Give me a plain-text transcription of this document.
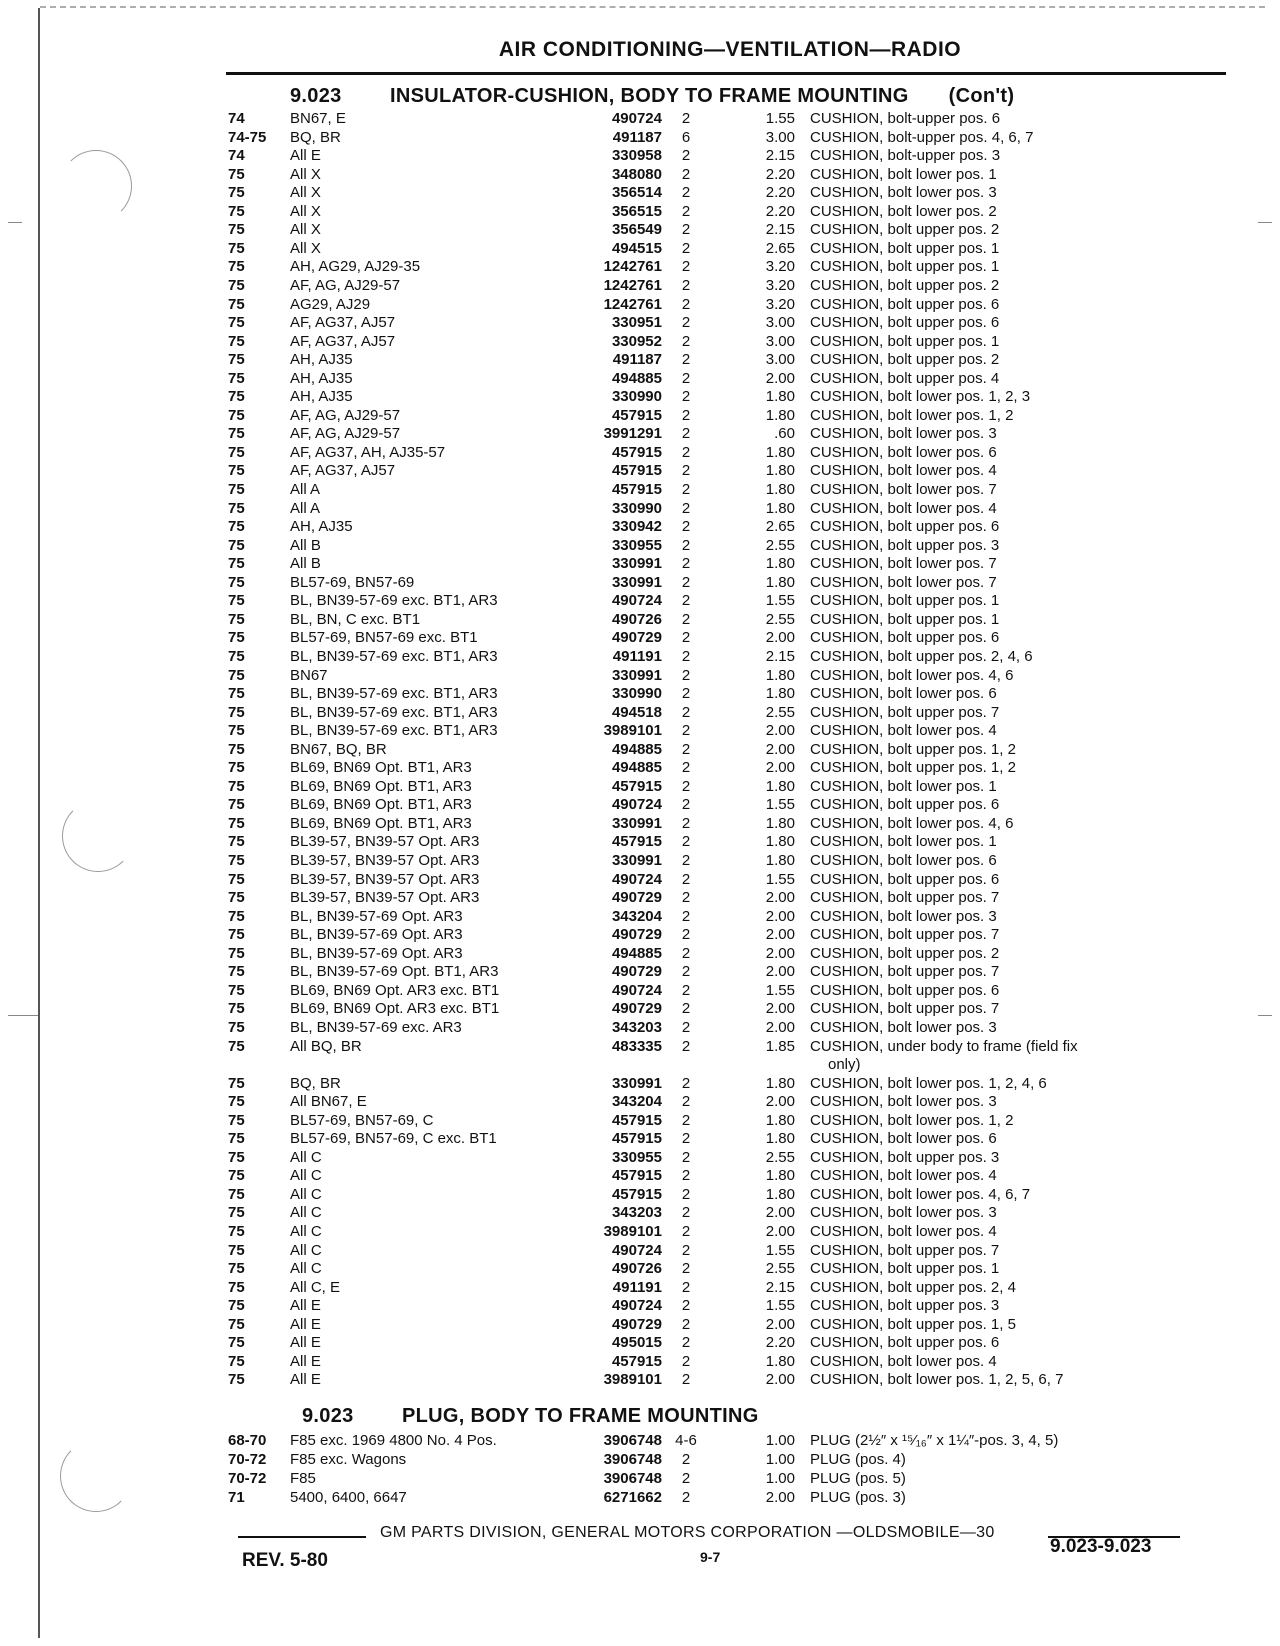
AIR CONDITIONING—VENTILATION—RADIO
9.023 INSULATOR-CUSHION, BODY TO FRAME MOUNTING (Con't)
74	BN67, E	490724	2	1.55 CUSHION, bolt-upper pos. 6
74-75 BQ, BR	491187	6	3.00 CUSHION, bolt-upper pos. 4, 6, 7
74	All E	330958	2	2.15 CUSHION, bolt-upper pos. 3
75	All X	348080	2	2.20 CUSHION, bolt lower pos. 1
75	All X	356514	2	2.20 CUSHION, bolt lower pos. 3
75	All X	356515	2	2.20 CUSHION, bolt lower pos. 2
75	All X	356549	2	2.15 CUSHION, bolt upper pos. 2
75	All X	494515	2	2.65 CUSHION, bolt upper pos. 1
75	AH, AG29, AJ29-35	1242761	2	3.20 CUSHION, bolt upper pos. 1
75	AF, AG, AJ29-57	1242761	2	3.20 CUSHION, bolt upper pos. 2
75	AG29, AJ29	1242761	2	3.20 CUSHION, bolt upper pos. 6
75	AF, AG37, AJ57	330951	2	3.00 CUSHION, bolt upper pos. 6
75	AF, AG37, AJ57	330952	2	3.00 CUSHION, bolt upper pos. 1
75	AH, AJ35	491187	2	3.00 CUSHION, bolt upper pos. 2
75	AH, AJ35	494885	2	2.00 CUSHION, bolt upper pos. 4
75	AH, AJ35	330990	2	1.80 CUSHION, bolt lower pos. 1, 2, 3
75	AF, AG, AJ29-57	457915	2	1.80 CUSHION, bolt lower pos. 1, 2
75	AF, AG, AJ29-57	3991291	2	.60 CUSHION, bolt lower pos. 3
75	AF, AG37, AH, AJ35-57	457915	2	1.80 CUSHION, bolt lower pos. 6
75	AF, AG37, AJ57	457915	2	1.80 CUSHION, bolt lower pos. 4
75	All A	457915	2	1.80 CUSHION, bolt lower pos. 7
75	All A	330990	2	1.80 CUSHION, bolt lower pos. 4
75	AH, AJ35	330942	2	2.65 CUSHION, bolt upper pos. 6
75	All B	330955	2	2.55 CUSHION, bolt upper pos. 3
75	All B	330991	2	1.80 CUSHION, bolt lower pos. 7
75	BL57-69, BN57-69	330991	2	1.80 CUSHION, bolt lower pos. 7
75	BL, BN39-57-69 exc. BT1, AR3	490724	2	1.55 CUSHION, bolt upper pos. 1
75	BL, BN, C exc. BT1	490726	2	2.55 CUSHION, bolt upper pos. 1
75	BL57-69, BN57-69 exc. BT1	490729	2	2.00 CUSHION, bolt upper pos. 6
75	BL, BN39-57-69 exc. BT1, AR3	491191	2	2.15 CUSHION, bolt upper pos. 2, 4, 6
75	BN67	330991	2	1.80 CUSHION, bolt lower pos. 4, 6
75	BL, BN39-57-69 exc. BT1, AR3	330990	2	1.80 CUSHION, bolt lower pos. 6
75	BL, BN39-57-69 exc. BT1, AR3	494518	2	2.55 CUSHION, bolt upper pos. 7
75	BL, BN39-57-69 exc. BT1, AR3	3989101	2	2.00 CUSHION, bolt lower pos. 4
75	BN67, BQ, BR	494885	2	2.00 CUSHION, bolt upper pos. 1, 2
75	BL69, BN69 Opt. BT1, AR3	494885	2	2.00 CUSHION, bolt upper pos. 1, 2
75	BL69, BN69 Opt. BT1, AR3	457915	2	1.80 CUSHION, bolt lower pos. 1
75	BL69, BN69 Opt. BT1, AR3	490724	2	1.55 CUSHION, bolt upper pos. 6
75	BL69, BN69 Opt. BT1, AR3	330991	2	1.80 CUSHION, bolt lower pos. 4, 6
75	BL39-57, BN39-57 Opt. AR3	457915	2	1.80 CUSHION, bolt lower pos. 1
75	BL39-57, BN39-57 Opt. AR3	330991	2	1.80 CUSHION, bolt lower pos. 6
75	BL39-57, BN39-57 Opt. AR3	490724	2	1.55 CUSHION, bolt upper pos. 6
75	BL39-57, BN39-57 Opt. AR3	490729	2	2.00 CUSHION, bolt upper pos. 7
75	BL, BN39-57-69 Opt. AR3	343204	2	2.00 CUSHION, bolt lower pos. 3
75	BL, BN39-57-69 Opt. AR3	490729	2	2.00 CUSHION, bolt upper pos. 7
75	BL, BN39-57-69 Opt. AR3	494885	2	2.00 CUSHION, bolt upper pos. 2
75	BL, BN39-57-69 Opt. BT1, AR3	490729	2	2.00 CUSHION, bolt upper pos. 7
75	BL69, BN69 Opt. AR3 exc. BT1	490724	2	1.55 CUSHION, bolt upper pos. 6
75	BL69, BN69 Opt. AR3 exc. BT1	490729	2	2.00 CUSHION, bolt upper pos. 7
75	BL, BN39-57-69 exc. AR3	343203	2	2.00 CUSHION, bolt lower pos. 3
75	All BQ, BR	483335	2	1.85 CUSHION, under body to frame (field fix
only)
75	BQ, BR	330991	2	1.80 CUSHION, bolt lower pos. 1, 2, 4, 6
75	All BN67, E	343204	2	2.00 CUSHION, bolt lower pos. 3
75	BL57-69, BN57-69, C	457915	2	1.80 CUSHION, bolt lower pos. 1, 2
75	BL57-69, BN57-69, C exc. BT1	457915	2	1.80 CUSHION, bolt lower pos. 6
75	All C	330955	2	2.55 CUSHION, bolt upper pos. 3
75	All C	457915	2	1.80 CUSHION, bolt lower pos. 4
75	All C	457915	2	1.80 CUSHION, bolt lower pos. 4, 6, 7
75	All C	343203	2	2.00 CUSHION, bolt lower pos. 3
75	All C	3989101	2	2.00 CUSHION, bolt lower pos. 4
75	All C	490724	2	1.55 CUSHION, bolt upper pos. 7
75	All C	490726	2	2.55 CUSHION, bolt upper pos. 1
75	All C, E	491191	2	2.15 CUSHION, bolt upper pos. 2, 4
75	All E	490724	2	1.55 CUSHION, bolt upper pos. 3
75	All E	490729	2	2.00 CUSHION, bolt upper pos. 1, 5
75	All E	495015	2	2.20 CUSHION, bolt upper pos. 6
75	All E	457915	2	1.80 CUSHION, bolt lower pos. 4
75	All E	3989101	2	2.00 CUSHION, bolt lower pos. 1, 2, 5, 6, 7
9.023 PLUG, BODY TO FRAME MOUNTING
68-70 F85 exc. 1969 4800 No. 4 Pos.	3906748 4-6	1.00 PLUG (2½″ x ¹⁵⁄₁₆″ x 1¼″-pos. 3, 4, 5)
70-72 F85 exc. Wagons	3906748	2	1.00 PLUG (pos. 4)
70-72 F85	3906748	2	1.00 PLUG (pos. 5)
71	5400, 6400, 6647	6271662	2	2.00 PLUG (pos. 3)
GM PARTS DIVISION, GENERAL MOTORS CORPORATION —OLDSMOBILE—30
REV. 5-80	9-7	9.023-9.023
